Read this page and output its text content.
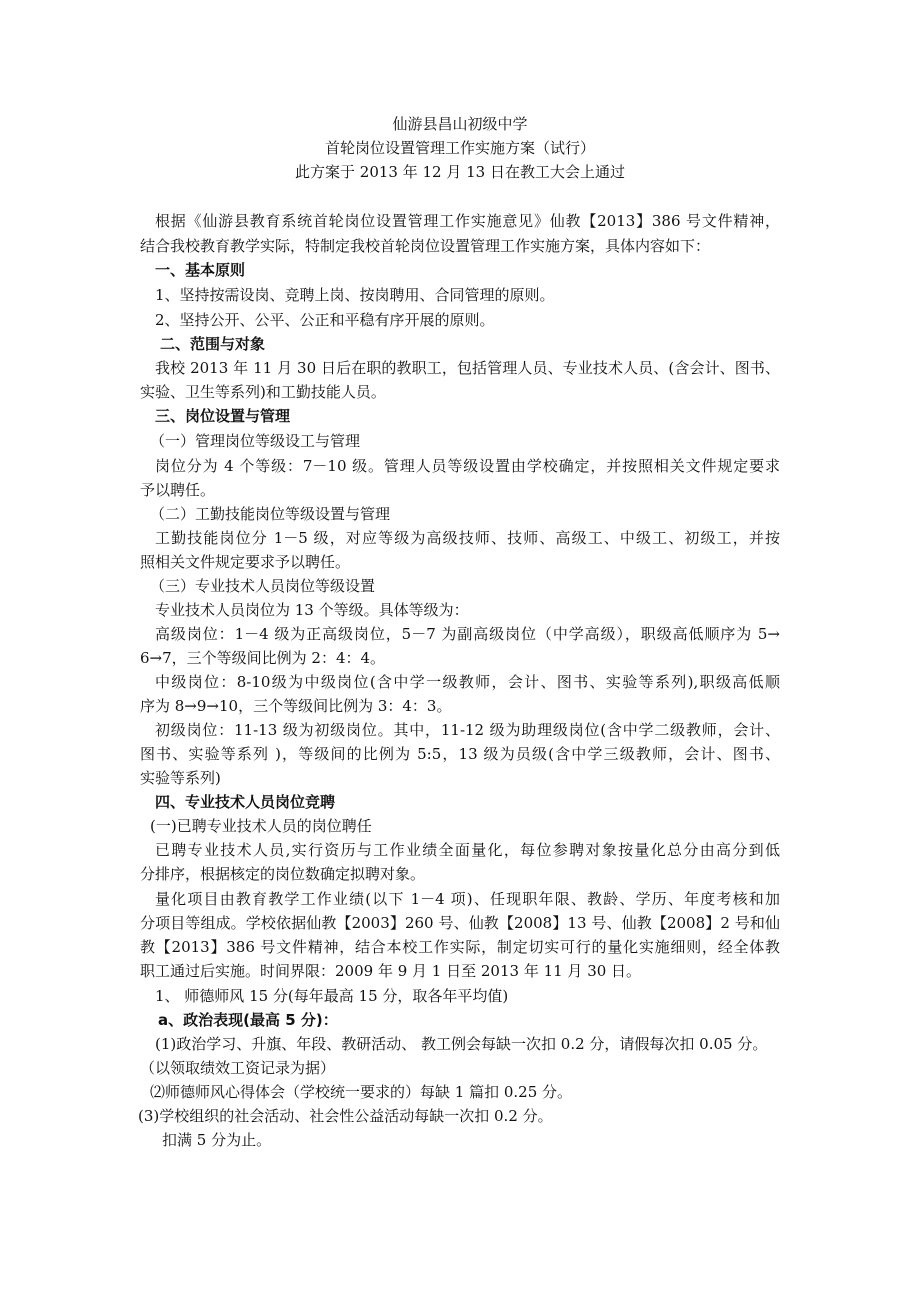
仙游县昌山初级中学
首轮岗位设置管理工作实施方案（试行）
此方案于 2013 年 12 月 13 日在教工大会上通过
根据《仙游县教育系统首轮岗位设置管理工作实施意见》仙教【2013】386 号文件精神，
结合我校教育教学实际，特制定我校首轮岗位设置管理工作实施方案，具体内容如下：
一、基本原则
1、坚持按需设岗、竞聘上岗、按岗聘用、合同管理的原则。
2、坚持公开、公平、公正和平稳有序开展的原则。
二、范围与对象
我校 2013 年 11 月 30 日后在职的教职工，包括管理人员、专业技术人员、(含会计、图书、
实验、卫生等系列)和工勤技能人员。
三、岗位设置与管理
（一）管理岗位等级设工与管理
岗位分为 4 个等级：7－10 级。管理人员等级设置由学校确定，并按照相关文件规定要求
予以聘任。
（二）工勤技能岗位等级设置与管理
工勤技能岗位分 1－5 级，对应等级为高级技师、技师、高级工、中级工、初级工，并按
照相关文件规定要求予以聘任。
（三）专业技术人员岗位等级设置
专业技术人员岗位为 13 个等级。具体等级为：
高级岗位：1－4 级为正高级岗位，5－7 为副高级岗位（中学高级），职级高低顺序为 5→
6→7，三个等级间比例为 2：4：4。
中级岗位：8-10级为中级岗位(含中学一级教师，会计、图书、实验等系列),职级高低顺
序为 8→9→10，三个等级间比例为 3：4：3。
初级岗位：11-13 级为初级岗位。其中，11-12 级为助理级岗位(含中学二级教师，会计、
图书、实验等系列 )，等级间的比例为 5:5，13 级为员级(含中学三级教师，会计、图书、
实验等系列)
四、专业技术人员岗位竞聘
(一)已聘专业技术人员的岗位聘任
已聘专业技术人员,实行资历与工作业绩全面量化，每位参聘对象按量化总分由高分到低
分排序，根据核定的岗位数确定拟聘对象。
量化项目由教育教学工作业绩(以下 1－4 项)、任现职年限、教龄、学历、年度考核和加
分项目等组成。学校依据仙教【2003】260 号、仙教【2008】13 号、仙教【2008】2 号和仙
教【2013】386 号文件精神，结合本校工作实际，制定切实可行的量化实施细则，经全体教
职工通过后实施。时间界限：2009 年 9 月 1 日至 2013 年 11 月 30 日。
1、 师德师风 15 分(每年最高 15 分，取各年平均值)
a、政治表现(最高 5 分)：
(1)政治学习、升旗、年段、教研活动、 教工例会每缺一次扣 0.2 分，请假每次扣 0.05 分。
（以领取绩效工资记录为据）
⑵师德师风心得体会（学校统一要求的）每缺 1 篇扣 0.25 分。
(3)学校组织的社会活动、社会性公益活动每缺一次扣 0.2 分。
扣满 5 分为止。
